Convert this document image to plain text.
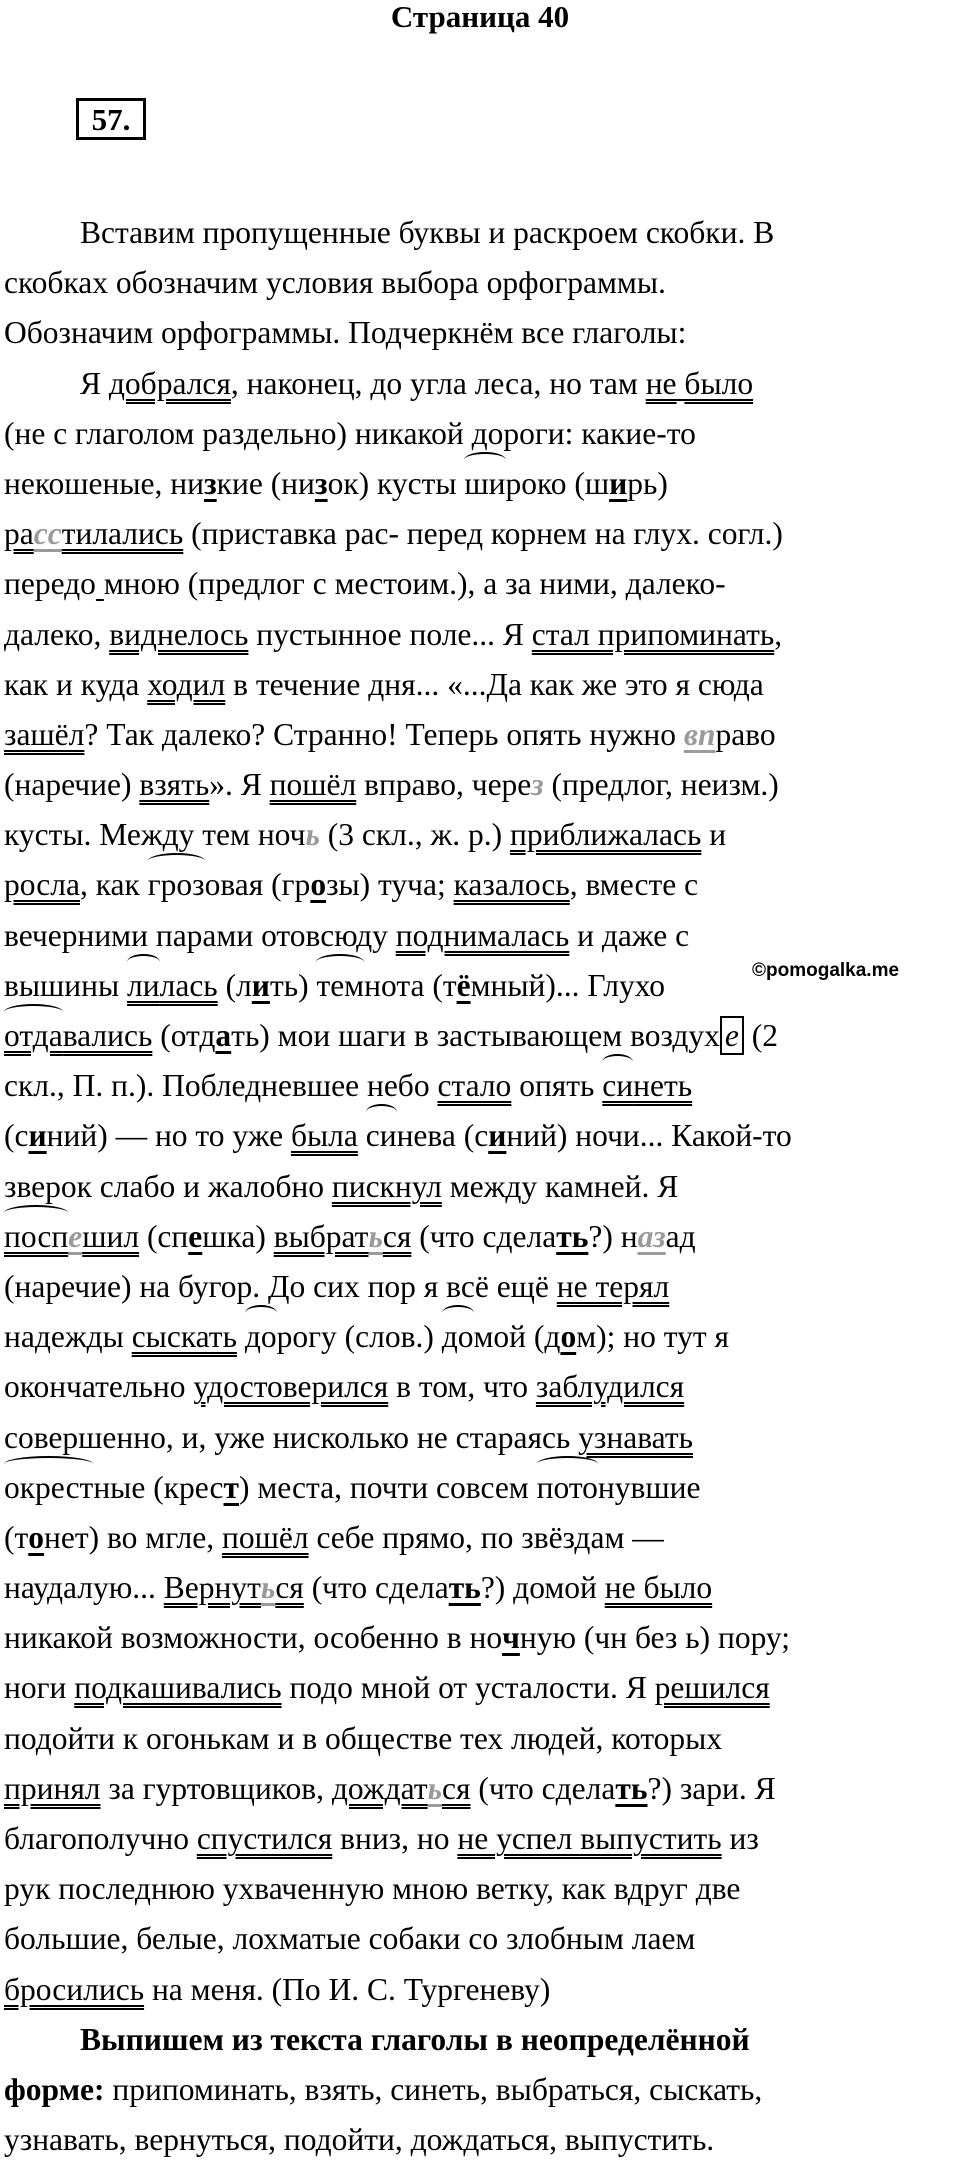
Страница 40
57.
©pomogalka.me
Вставим пропущенные буквы и раскроем скобки. В
скобках обозначим условия выбора орфограммы.
Обозначим орфограммы. Подчеркнём все глаголы:
Я добрался, наконец, до угла леса, но там не было
(не с глаголом раздельно) никакой дороги: какие-то
некошеные, низкие (низок) кусты широко (ширь)
расстилались (приставка рас- перед корнем на глух. согл.)
передо мною (предлог с местоим.), а за ними, далеко-
далеко, виднелось пустынное поле... Я стал припоминать,
как и куда ходил в течение дня... «...Да как же это я сюда
зашёл? Так далеко? Странно! Теперь опять нужно вправо
(наречие) взять». Я пошёл вправо, через (предлог, неизм.)
кусты. Между тем ночь (3 скл., ж. р.) приближалась и
росла, как грозовая (грозы) туча; казалось, вместе с
вечерними парами отовсюду поднималась и даже с
вышины лилась (лить) темнота (тёмный)... Глухо
отдавались (отдать) мои шаги в застывающем воздух е (2
скл., П. п.). Побледневшее небо стало опять синеть
(синий) — но то уже была синева (синий) ночи... Какой-то
зверок слабо и жалобно пискнул между камней. Я
поспешил (спешка) выбраться (что сделать?) назад
(наречие) на бугор. До сих пор я всё ещё не терял
надежды сыскать дорогу (слов.) домой (дом); но тут я
окончательно удостоверился в том, что заблудился
совершенно, и, уже нисколько не стараясь узнавать
окрестные (крест) места, почти совсем потонувшие
(тонет) во мгле, пошёл себе прямо, по звёздам —
наудалую... Вернуться (что сделать?) домой не было
никакой возможности, особенно в ночную (чн без ь) пору;
ноги подкашивались подо мной от усталости. Я решился
подойти к огонькам и в обществе тех людей, которых
принял за гуртовщиков, дождаться (что сделать?) зари. Я
благополучно спустился вниз, но не успел выпустить из
рук последнюю ухваченную мною ветку, как вдруг две
большие, белые, лохматые собаки со злобным лаем
бросились на меня. (По И. С. Тургеневу)
Выпишем из текста глаголы в неопределённой
форме: припоминать, взять, синеть, выбраться, сыскать,
узнавать, вернуться, подойти, дождаться, выпустить.
